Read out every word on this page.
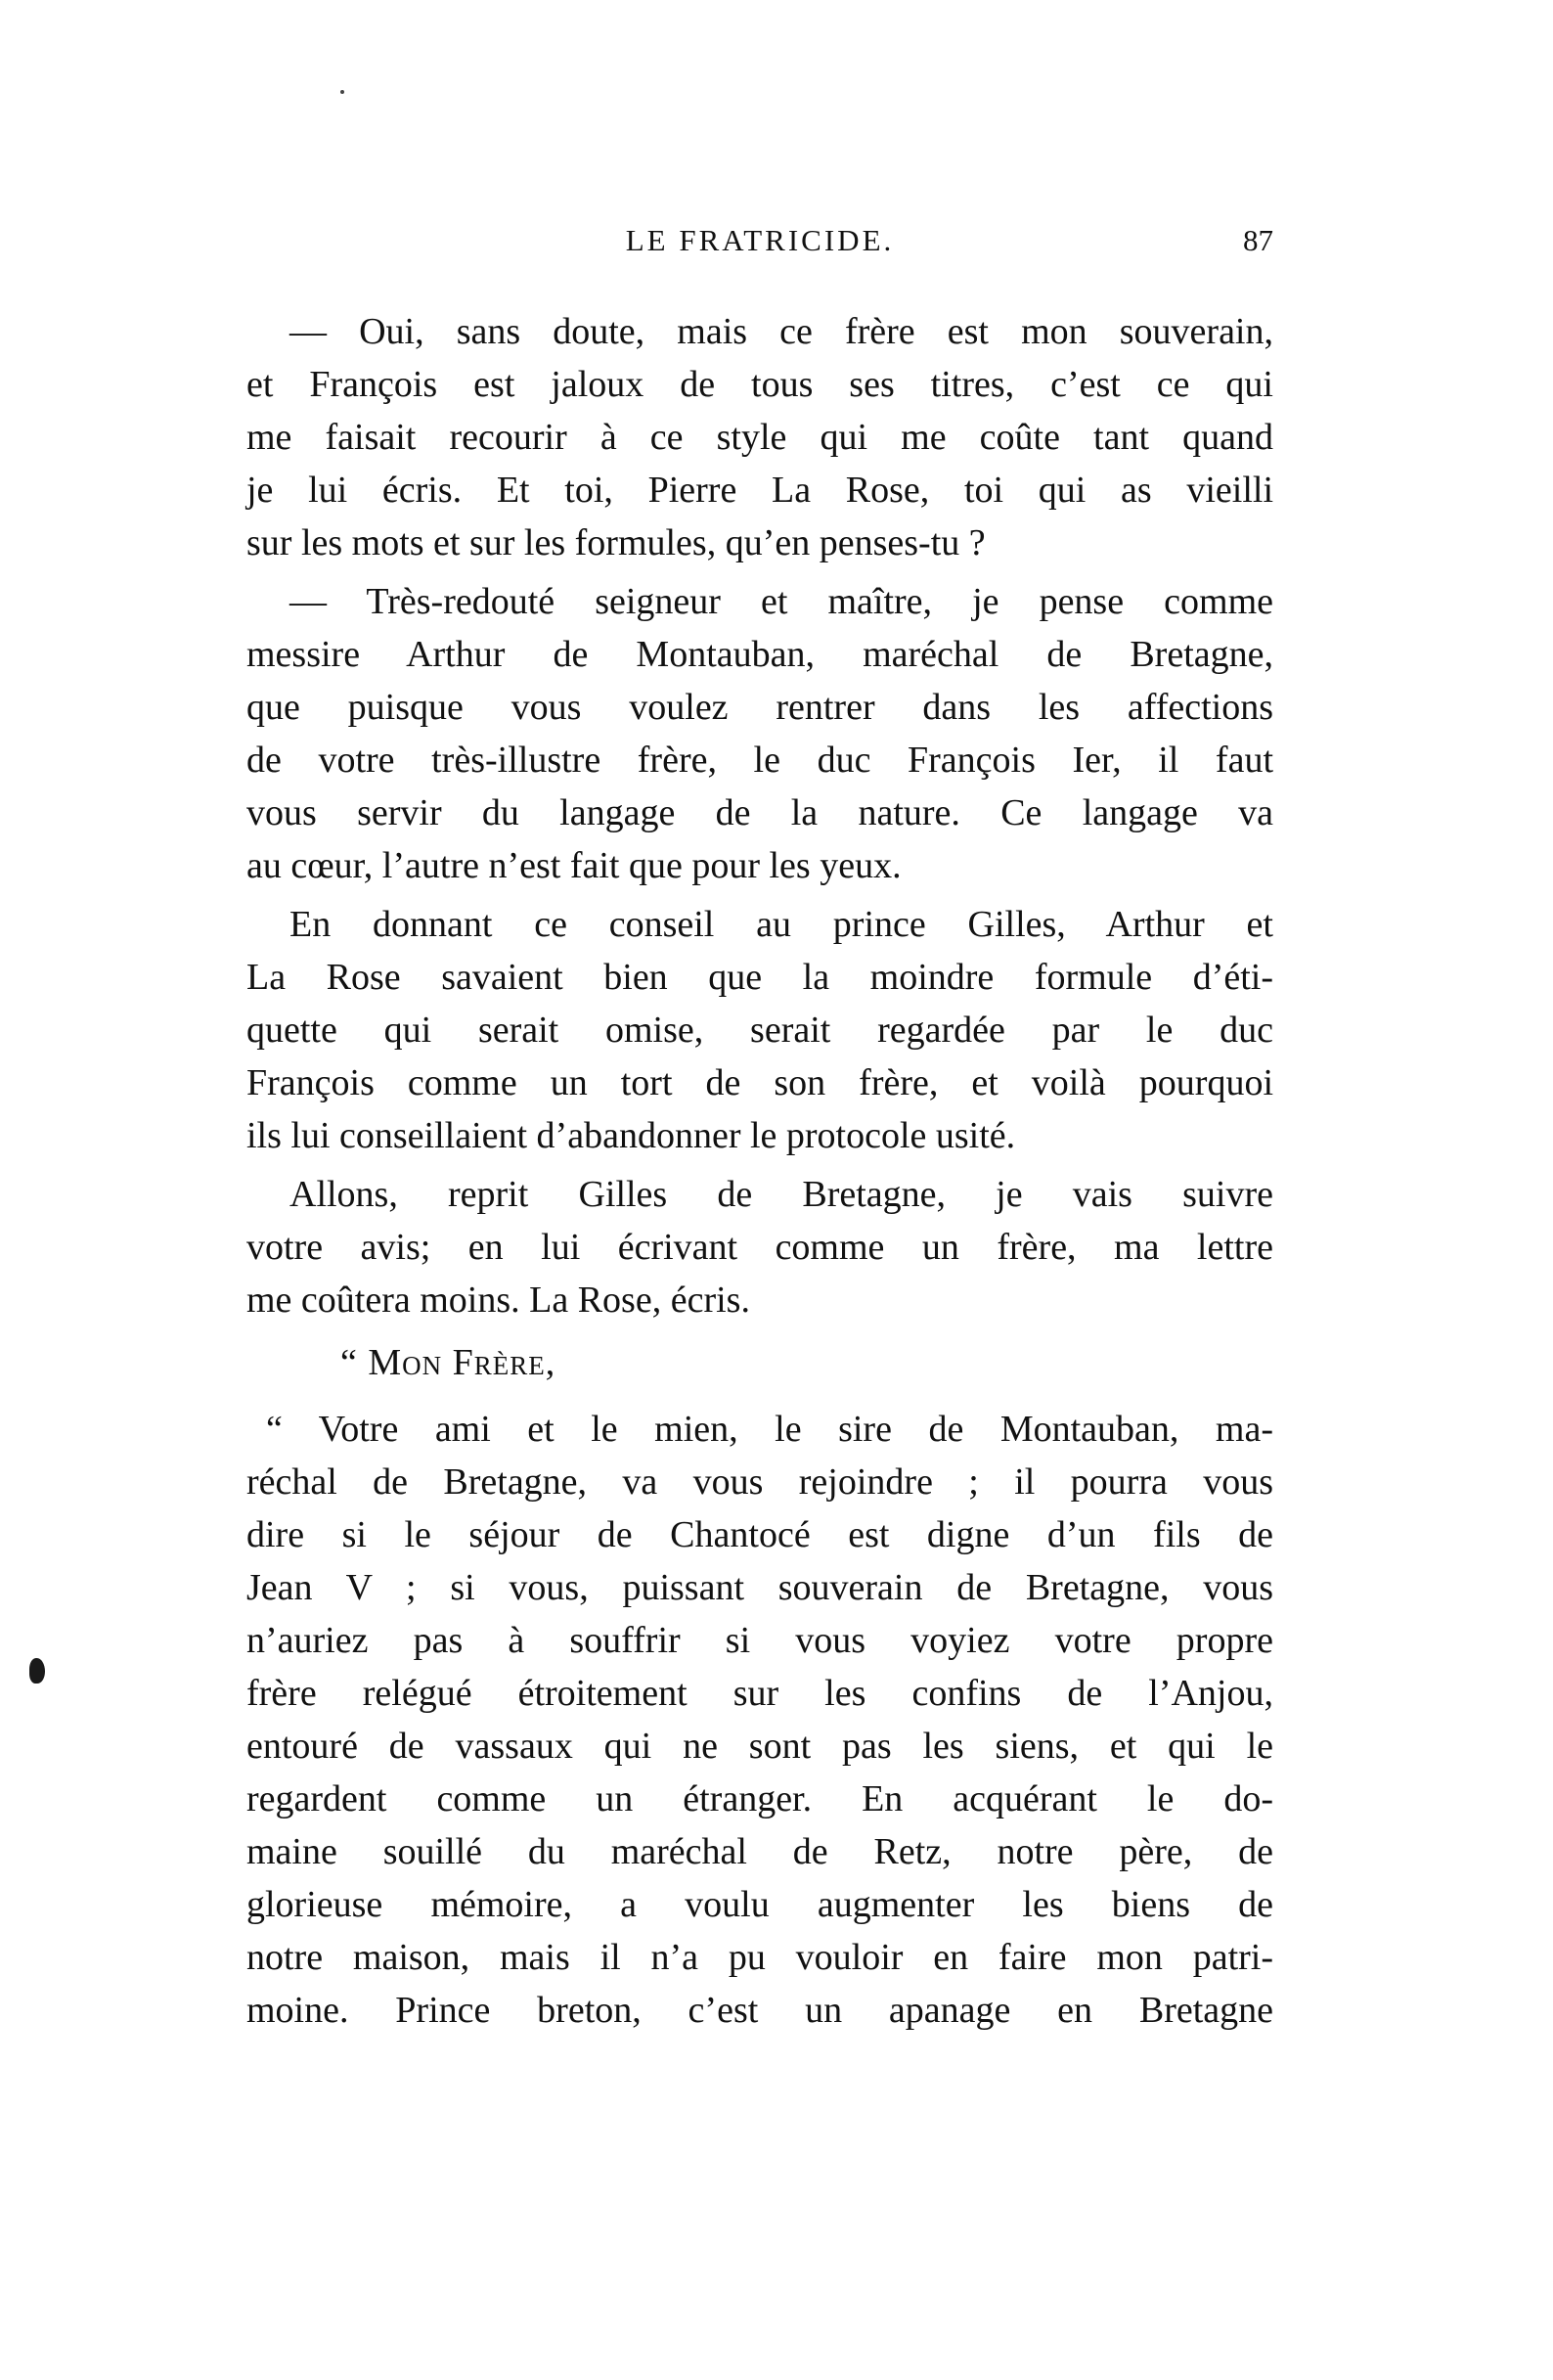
LE FRATRICIDE.	87
— Oui, sans doute, mais ce frère est mon souverain,
et François est jaloux de tous ses titres, c’est ce qui
me faisait recourir à ce style qui me coûte tant quand
je lui écris. Et toi, Pierre La Rose, toi qui as vieilli
sur les mots et sur les formules, qu’en penses-tu ?
— Très-redouté seigneur et maître, je pense comme
messire Arthur de Montauban, maréchal de Bretagne,
que puisque vous voulez rentrer dans les affections
de votre très-illustre frère, le duc François Ier, il faut
vous servir du langage de la nature. Ce langage va
au cœur, l’autre n’est fait que pour les yeux.
En donnant ce conseil au prince Gilles, Arthur et
La Rose savaient bien que la moindre formule d’éti-
quette qui serait omise, serait regardée par le duc
François comme un tort de son frère, et voilà pourquoi
ils lui conseillaient d’abandonner le protocole usité.
Allons, reprit Gilles de Bretagne, je vais suivre
votre avis; en lui écrivant comme un frère, ma lettre
me coûtera moins. La Rose, écris.
“ Mon Frère,
“ Votre ami et le mien, le sire de Montauban, ma-
réchal de Bretagne, va vous rejoindre ; il pourra vous
dire si le séjour de Chantocé est digne d’un fils de
Jean V ; si vous, puissant souverain de Bretagne, vous
n’auriez pas à souffrir si vous voyiez votre propre
frère relégué étroitement sur les confins de l’Anjou,
entouré de vassaux qui ne sont pas les siens, et qui le
regardent comme un étranger. En acquérant le do-
maine souillé du maréchal de Retz, notre père, de
glorieuse mémoire, a voulu augmenter les biens de
notre maison, mais il n’a pu vouloir en faire mon patri-
moine. Prince breton, c’est un apanage en Bretagne
